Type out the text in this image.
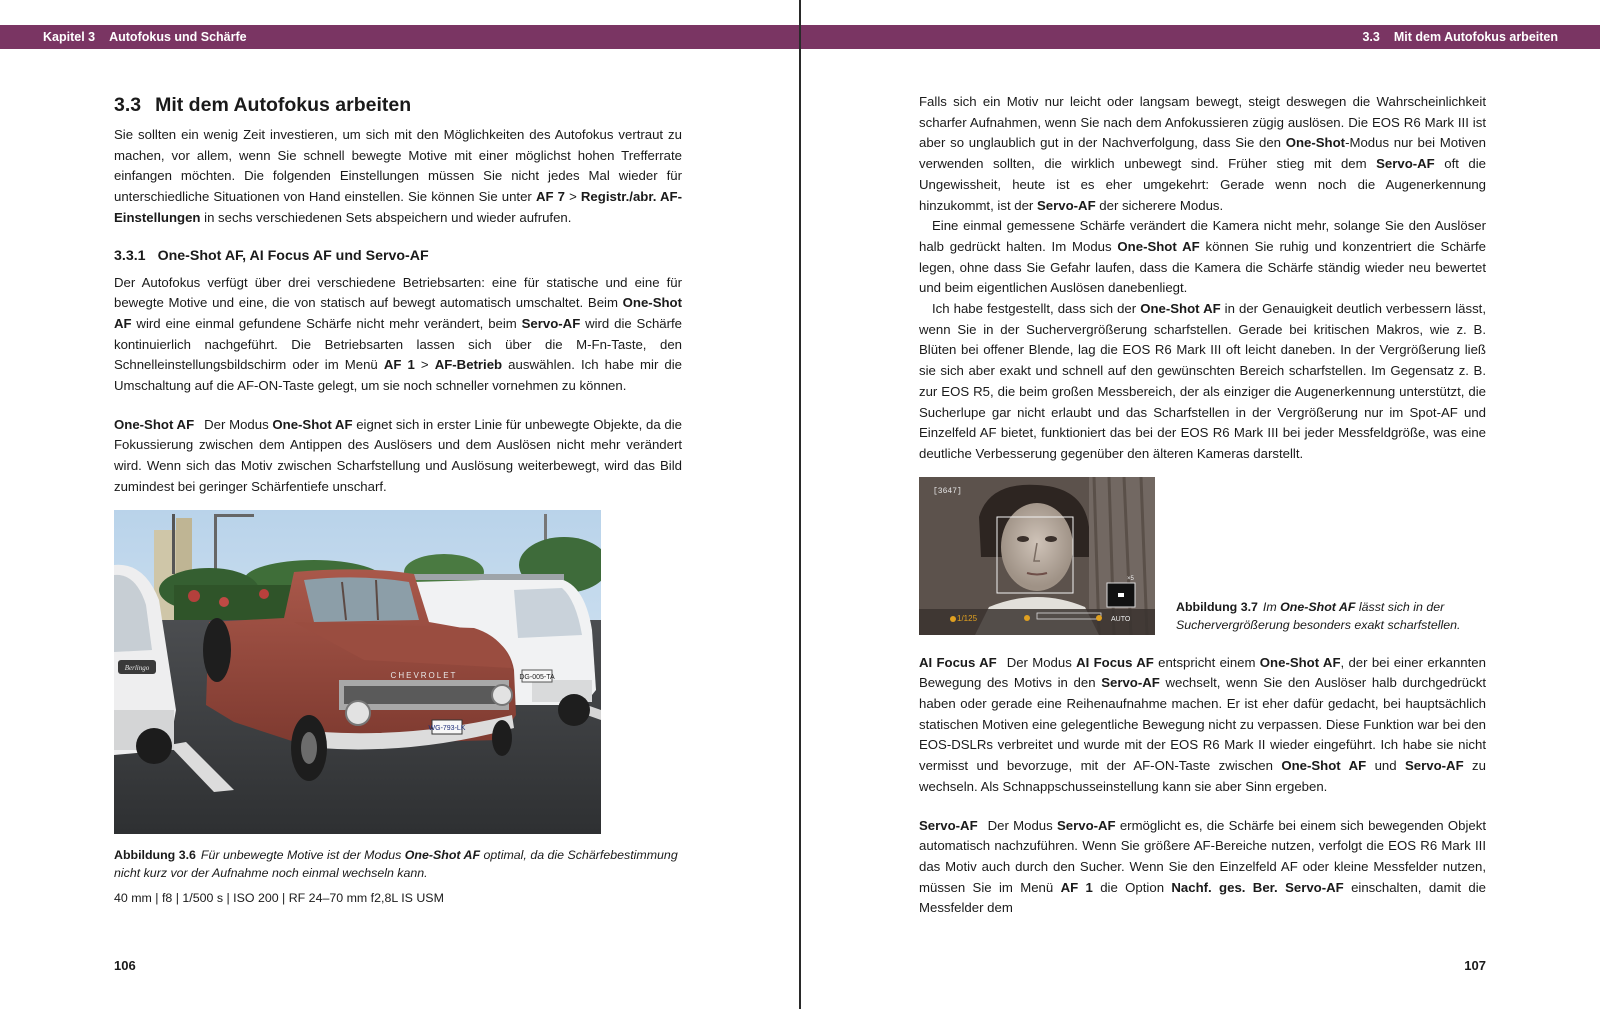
Kapitel 3 Autofokus und Schärfe
3.3 Mit dem Autofokus arbeiten

Sie sollten ein wenig Zeit investieren, um sich mit den Möglichkeiten des Autofokus vertraut zu machen, vor allem, wenn Sie schnell bewegte Motive mit einer möglichst hohen Trefferrate einfangen möchten. Die folgenden Einstellungen müssen Sie nicht jedes Mal wieder für unterschiedliche Situationen von Hand einstellen. Sie können Sie unter AF 7 > Registr./abr. AF-Einstellungen in sechs verschiedenen Sets abspeichern und wieder aufrufen.

3.3.1 One-Shot AF, AI Focus AF und Servo-AF

Der Autofokus verfügt über drei verschiedene Betriebsarten: eine für statische und eine für bewegte Motive und eine, die von statisch auf bewegt automatisch umschaltet. Beim One-Shot AF wird eine einmal gefundene Schärfe nicht mehr verändert, beim Servo-AF wird die Schärfe kontinuierlich nachgeführt. Die Betriebsarten lassen sich über die M-Fn-Taste, den Schnelleinstellungsbildschirm oder im Menü AF 1 > AF-Betrieb auswählen. Ich habe mir die Umschaltung auf die AF-ON-Taste gelegt, um sie noch schneller vornehmen zu können.

One-Shot AF Der Modus One-Shot AF eignet sich in erster Linie für unbewegte Objekte, da die Fokussierung zwischen dem Antippen des Auslösers und dem Auslösen nicht mehr verändert wird. Wenn sich das Motiv zwischen Scharfstellung und Auslösung weiterbewegt, wird das Bild zumindest bei geringer Schärfentiefe unscharf.

DG-005-TA
Berlingo
CHEVROLET
WG-793-LK
Abbildung 3.6 Für unbewegte Motive ist der Modus One-Shot AF optimal, da die Schärfebestimmung nicht kurz vor der Aufnahme noch einmal wechseln kann.
40 mm | f8 | 1/500 s | ISO 200 | RF 24–70 mm f2,8L IS USM
106
3.3 Mit dem Autofokus arbeiten

Falls sich ein Motiv nur leicht oder langsam bewegt, steigt deswegen die Wahrscheinlichkeit scharfer Aufnahmen, wenn Sie nach dem Anfokussieren zügig auslösen. Die EOS R6 Mark III ist aber so unglaublich gut in der Nachverfolgung, dass Sie den One-Shot-Modus nur bei Motiven verwenden sollten, die wirklich unbewegt sind. Früher stieg mit dem Servo-AF oft die Ungewissheit, heute ist es eher umgekehrt: Gerade wenn noch die Augenerkennung hinzukommt, ist der Servo-AF der sicherere Modus.

Eine einmal gemessene Schärfe verändert die Kamera nicht mehr, solange Sie den Auslöser halb gedrückt halten. Im Modus One-Shot AF können Sie ruhig und konzentriert die Schärfe legen, ohne dass Sie Gefahr laufen, dass die Kamera die Schärfe ständig wieder neu bewertet und beim eigentlichen Auslösen danebenliegt.

Ich habe festgestellt, dass sich der One-Shot AF in der Genauigkeit deutlich verbessern lässt, wenn Sie in der Suchervergrößerung scharfstellen. Gerade bei kritischen Makros, wie z. B. Blüten bei offener Blende, lag die EOS R6 Mark III oft leicht daneben. In der Vergrößerung ließ sie sich aber exakt und schnell auf den gewünschten Bereich scharfstellen. Im Gegensatz z. B. zur EOS R5, die beim großen Messbereich, der als einziger die Augenerkennung unterstützt, die Sucherlupe gar nicht erlaubt und das Scharfstellen in der Vergrößerung nur im Spot-AF und Einzelfeld AF bietet, funktioniert das bei der EOS R6 Mark III bei jeder Messfeldgröße, was eine deutliche Verbesserung gegenüber den älteren Kameras darstellt.

[3647]
×5
1/125	AUTO
Abbildung 3.7 Im One-Shot AF lässt sich in der Suchervergrößerung besonders exakt scharfstellen.

AI Focus AF Der Modus AI Focus AF entspricht einem One-Shot AF, der bei einer erkannten Bewegung des Motivs in den Servo-AF wechselt, wenn Sie den Auslöser halb durchgedrückt haben oder gerade eine Reihenaufnahme machen. Er ist eher dafür gedacht, bei hauptsächlich statischen Motiven eine gelegentliche Bewegung nicht zu verpassen. Diese Funktion war bei den EOS-DSLRs verbreitet und wurde mit der EOS R6 Mark II wieder eingeführt. Ich habe sie nicht vermisst und bevorzuge, mit der AF-ON-Taste zwischen One-Shot AF und Servo-AF zu wechseln. Als Schnappschusseinstellung kann sie aber Sinn ergeben.

Servo-AF Der Modus Servo-AF ermöglicht es, die Schärfe bei einem sich bewegenden Objekt automatisch nachzuführen. Wenn Sie größere AF-Bereiche nutzen, verfolgt die EOS R6 Mark III das Motiv auch durch den Sucher. Wenn Sie den Einzelfeld AF oder kleine Messfelder nutzen, müssen Sie im Menü AF 1 die Option Nachf. ges. Ber. Servo-AF einschalten, damit die Messfelder dem

107
